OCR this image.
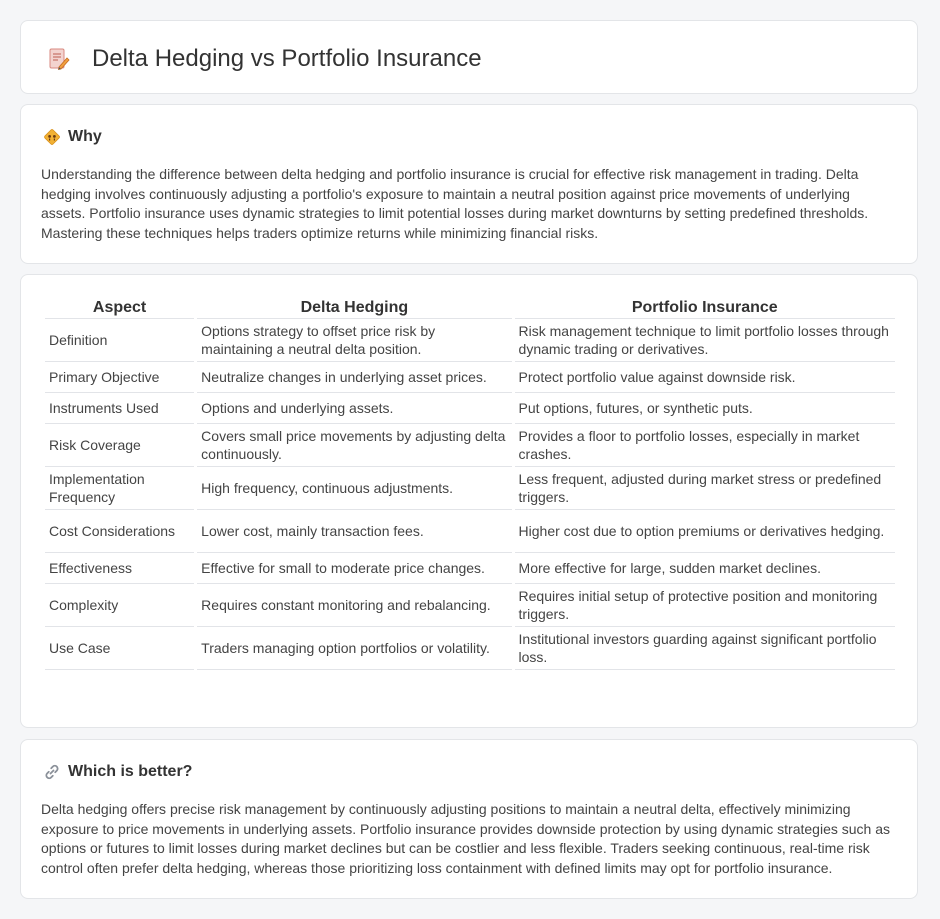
Delta Hedging vs Portfolio Insurance
Why

Understanding the difference between delta hedging and portfolio insurance is crucial for effective risk management in trading. Delta hedging involves continuously adjusting a portfolio's exposure to maintain a neutral position against price movements of underlying assets. Portfolio insurance uses dynamic strategies to limit potential losses during market downturns by setting predefined thresholds. Mastering these techniques helps traders optimize returns while minimizing financial risks.

Aspect	Delta Hedging	Portfolio Insurance
Definition	Options strategy to offset price risk by maintaining a neutral delta position.	Risk management technique to limit portfolio losses through dynamic trading or derivatives.
Primary Objective	Neutralize changes in underlying asset prices.	Protect portfolio value against downside risk.
Instruments Used	Options and underlying assets.	Put options, futures, or synthetic puts.
Risk Coverage	Covers small price movements by adjusting delta continuously.	Provides a floor to portfolio losses, especially in market crashes.
Implementation Frequency	High frequency, continuous adjustments.	Less frequent, adjusted during market stress or predefined triggers.
Cost Considerations	Lower cost, mainly transaction fees.	Higher cost due to option premiums or derivatives hedging.
Effectiveness	Effective for small to moderate price changes.	More effective for large, sudden market declines.
Complexity	Requires constant monitoring and rebalancing.	Requires initial setup of protective position and monitoring triggers.
Use Case	Traders managing option portfolios or volatility.	Institutional investors guarding against significant portfolio loss.
Which is better?

Delta hedging offers precise risk management by continuously adjusting positions to maintain a neutral delta, effectively minimizing exposure to price movements in underlying assets. Portfolio insurance provides downside protection by using dynamic strategies such as options or futures to limit losses during market declines but can be costlier and less flexible. Traders seeking continuous, real-time risk control often prefer delta hedging, whereas those prioritizing loss containment with defined limits may opt for portfolio insurance.
